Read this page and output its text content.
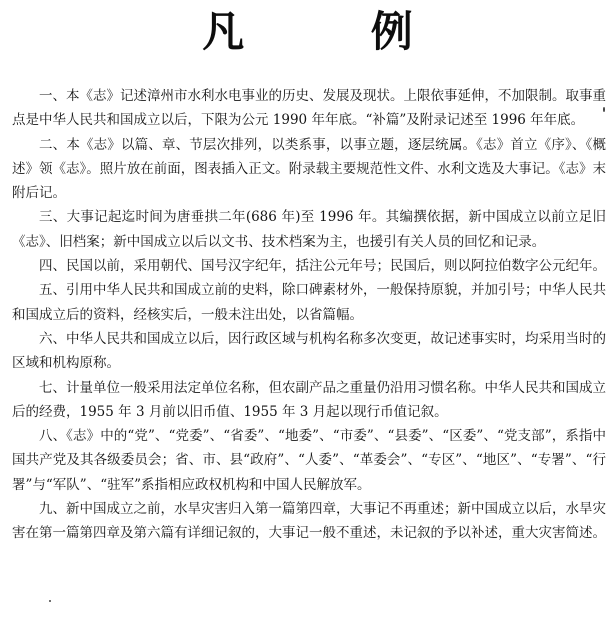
凡 例

一、本《志》记述漳州市水利水电事业的历史、发展及现状。上限依事延伸，不加限制。取事重点是中华人民共和国成立以后，下限为公元 1990 年年底。“补篇”及附录记述至 1996 年年底。

二、本《志》以篇、章、节层次排列，以类系事，以事立题，逐层统属。《志》首立《序》、《概述》领《志》。照片放在前面，图表插入正文。附录载主要规范性文件、水利文选及大事记。《志》末附后记。

三、大事记起迄时间为唐垂拱二年(686 年)至 1996 年。其编撰依据，新中国成立以前立足旧《志》、旧档案；新中国成立以后以文书、技术档案为主，也援引有关人员的回忆和记录。

四、民国以前，采用朝代、国号汉字纪年，括注公元年号；民国后，则以阿拉伯数字公元纪年。

五、引用中华人民共和国成立前的史料，除口碑素材外，一般保持原貌，并加引号；中华人民共和国成立后的资料，经核实后，一般未注出处，以省篇幅。

六、中华人民共和国成立以后，因行政区域与机构名称多次变更，故记述事实时，均采用当时的区域和机构原称。

七、计量单位一般采用法定单位名称，但农副产品之重量仍沿用习惯名称。中华人民共和国成立后的经费，1955 年 3 月前以旧币值、1955 年 3 月起以现行币值记叙。

八、《志》中的“党”、“党委”、“省委”、“地委”、“市委”、“县委”、“区委”、“党支部”，系指中国共产党及其各级委员会；省、市、县“政府”、“人委”、“革委会”、“专区”、“地区”、“专署”、“行署”与“军队”、“驻军”系指相应政权机构和中国人民解放军。

九、新中国成立之前，水旱灾害归入第一篇第四章，大事记不再重述；新中国成立以后，水旱灾害在第一篇第四章及第六篇有详细记叙的，大事记一般不重述，未记叙的予以补述，重大灾害简述。
